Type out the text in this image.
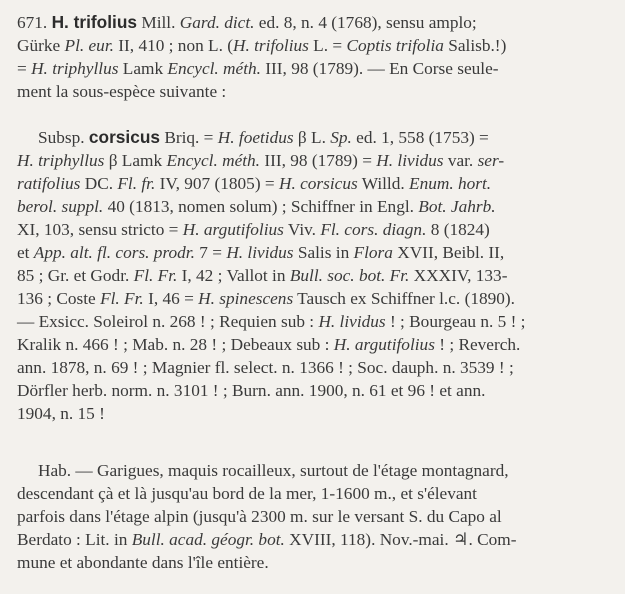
671. H. trifolius Mill. Gard. dict. ed. 8, n. 4 (1768), sensu amplo;
Gürke Pl. eur. II, 410 ; non L. (H. trifolius L. = Coptis trifolia Salisb.!)
= H. triphyllus Lamk Encycl. méth. III, 98 (1789). — En Corse seule-
ment la sous-espèce suivante :
Subsp. corsicus Briq. = H. foetidus β L. Sp. ed. 1, 558 (1753) =
H. triphyllus β Lamk Encycl. méth. III, 98 (1789) = H. lividus var. ser-
ratifolius DC. Fl. fr. IV, 907 (1805) = H. corsicus Willd. Enum. hort.
berol. suppl. 40 (1813, nomen solum) ; Schiffner in Engl. Bot. Jahrb.
XI, 103, sensu stricto = H. argutifolius Viv. Fl. cors. diagn. 8 (1824)
et App. alt. fl. cors. prodr. 7 = H. lividus Salis in Flora XVII, Beibl. II,
85 ; Gr. et Godr. Fl. Fr. I, 42 ; Vallot in Bull. soc. bot. Fr. XXXIV, 133-
136 ; Coste Fl. Fr. I, 46 = H. spinescens Tausch ex Schiffner l.c. (1890).
— Exsicc. Soleirol n. 268 ! ; Requien sub : H. lividus ! ; Bourgeau n. 5 ! ;
Kralik n. 466 ! ; Mab. n. 28 ! ; Debeaux sub : H. argutifolius ! ; Reverch.
ann. 1878, n. 69 ! ; Magnier fl. select. n. 1366 ! ; Soc. dauph. n. 3539 ! ;
Dörfler herb. norm. n. 3101 ! ; Burn. ann. 1900, n. 61 et 96 ! et ann.
1904, n. 15 !
Hab. — Garigues, maquis rocailleux, surtout de l'étage montagnard,
descendant çà et là jusqu'au bord de la mer, 1-1600 m., et s'élevant
parfois dans l'étage alpin (jusqu'à 2300 m. sur le versant S. du Capo al
Berdato : Lit. in Bull. acad. géogr. bot. XVIII, 118). Nov.-mai. ♃. Com-
mune et abondante dans l'île entière.
